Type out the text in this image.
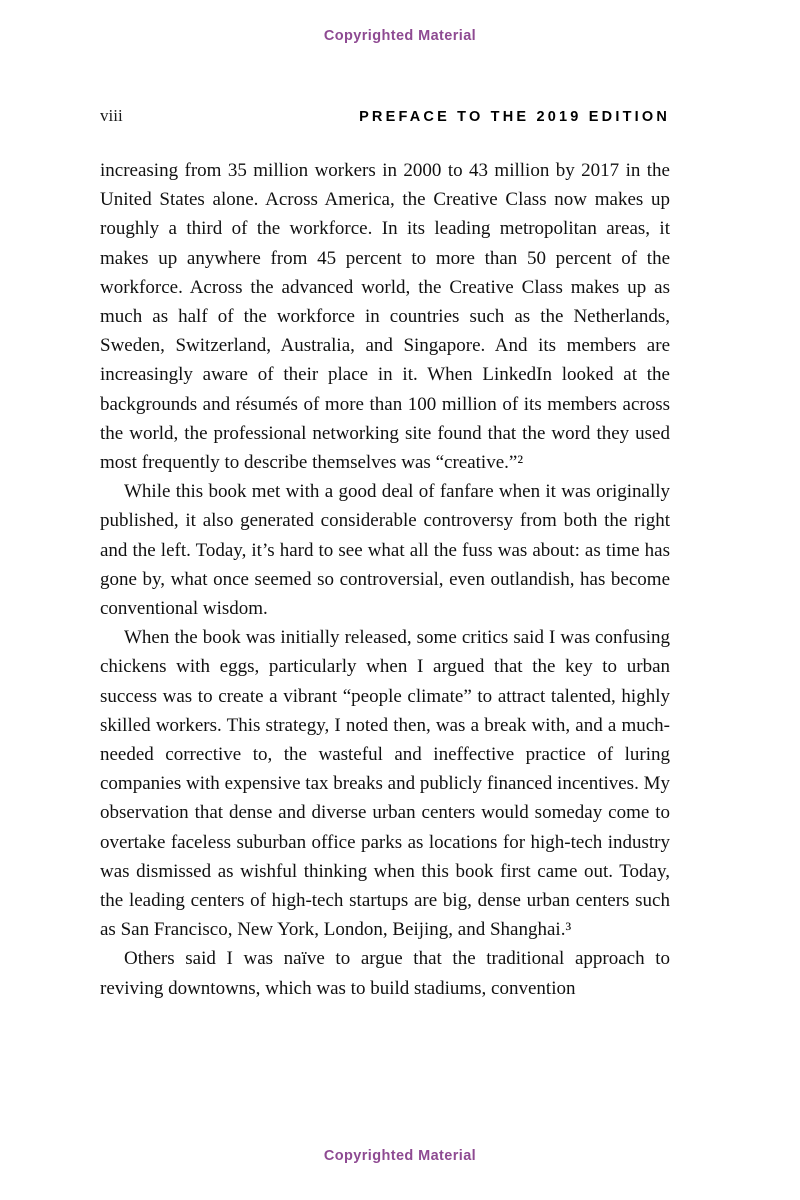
Copyrighted Material
viii	PREFACE TO THE 2019 EDITION

increasing from 35 million workers in 2000 to 43 million by 2017 in the United States alone. Across America, the Creative Class now makes up roughly a third of the workforce. In its leading metropolitan areas, it makes up anywhere from 45 percent to more than 50 percent of the workforce. Across the advanced world, the Creative Class makes up as much as half of the workforce in countries such as the Netherlands, Sweden, Switzerland, Australia, and Singapore. And its members are increasingly aware of their place in it. When LinkedIn looked at the backgrounds and résumés of more than 100 million of its members across the world, the professional networking site found that the word they used most frequently to describe themselves was “creative.”²

While this book met with a good deal of fanfare when it was originally published, it also generated considerable controversy from both the right and the left. Today, it’s hard to see what all the fuss was about: as time has gone by, what once seemed so controversial, even outlandish, has become conventional wisdom.

When the book was initially released, some critics said I was confusing chickens with eggs, particularly when I argued that the key to urban success was to create a vibrant “people climate” to attract talented, highly skilled workers. This strategy, I noted then, was a break with, and a much-needed corrective to, the wasteful and ineffective practice of luring companies with expensive tax breaks and publicly financed incentives. My observation that dense and diverse urban centers would someday come to overtake faceless suburban office parks as locations for high-tech industry was dismissed as wishful thinking when this book first came out. Today, the leading centers of high-tech startups are big, dense urban centers such as San Francisco, New York, London, Beijing, and Shanghai.³

Others said I was naïve to argue that the traditional approach to reviving downtowns, which was to build stadiums, convention

Copyrighted Material
